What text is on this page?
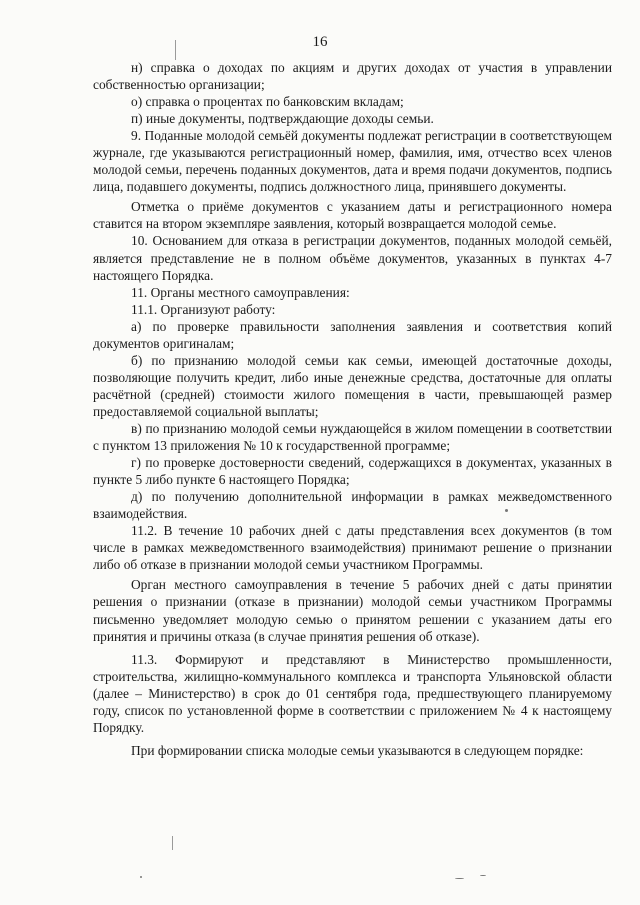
16

н) справка о доходах по акциям и других доходах от участия в управлении собственностью организации;

о) справка о процентах по банковским вкладам;

п) иные документы, подтверждающие доходы семьи.

9. Поданные молодой семьёй документы подлежат регистрации в соответствующем журнале, где указываются регистрационный номер, фамилия, имя, отчество всех членов молодой семьи, перечень поданных документов, дата и время подачи документов, подпись лица, подавшего документы, подпись должностного лица, принявшего документы.

Отметка о приёме документов с указанием даты и регистрационного номера ставится на втором экземпляре заявления, который возвращается молодой семье.

10. Основанием для отказа в регистрации документов, поданных молодой семьёй, является представление не в полном объёме документов, указанных в пунктах 4-7 настоящего Порядка.

11. Органы местного самоуправления:

11.1. Организуют работу:

а) по проверке правильности заполнения заявления и соответствия копий документов оригиналам;

б) по признанию молодой семьи как семьи, имеющей достаточные доходы, позволяющие получить кредит, либо иные денежные средства, достаточные для оплаты расчётной (средней) стоимости жилого помещения в части, превышающей размер предоставляемой социальной выплаты;

в) по признанию молодой семьи нуждающейся в жилом помещении в соответствии с пунктом 13 приложения № 10 к государственной программе;

г) по проверке достоверности сведений, содержащихся в документах, указанных в пункте 5 либо пункте 6 настоящего Порядка;

д) по получению дополнительной информации в рамках межведомственного взаимодействия.

11.2. В течение 10 рабочих дней с даты представления всех документов (в том числе в рамках межведомственного взаимодействия) принимают решение о признании либо об отказе в признании молодой семьи участником Программы.

Орган местного самоуправления в течение 5 рабочих дней с даты принятии решения о признании (отказе в признании) молодой семьи участником Программы письменно уведомляет молодую семью о принятом решении с указанием даты его принятия и причины отказа (в случае принятия решения об отказе).

11.3. Формируют и представляют в Министерство промышленности, строительства, жилищно-коммунального комплекса и транспорта Ульяновской области (далее – Министерство) в срок до 01 сентября года, предшествующего планируемому году, список по установленной форме в соответствии с приложением № 4 к настоящему Порядку.

При формировании списка молодые семьи указываются в следующем порядке:
